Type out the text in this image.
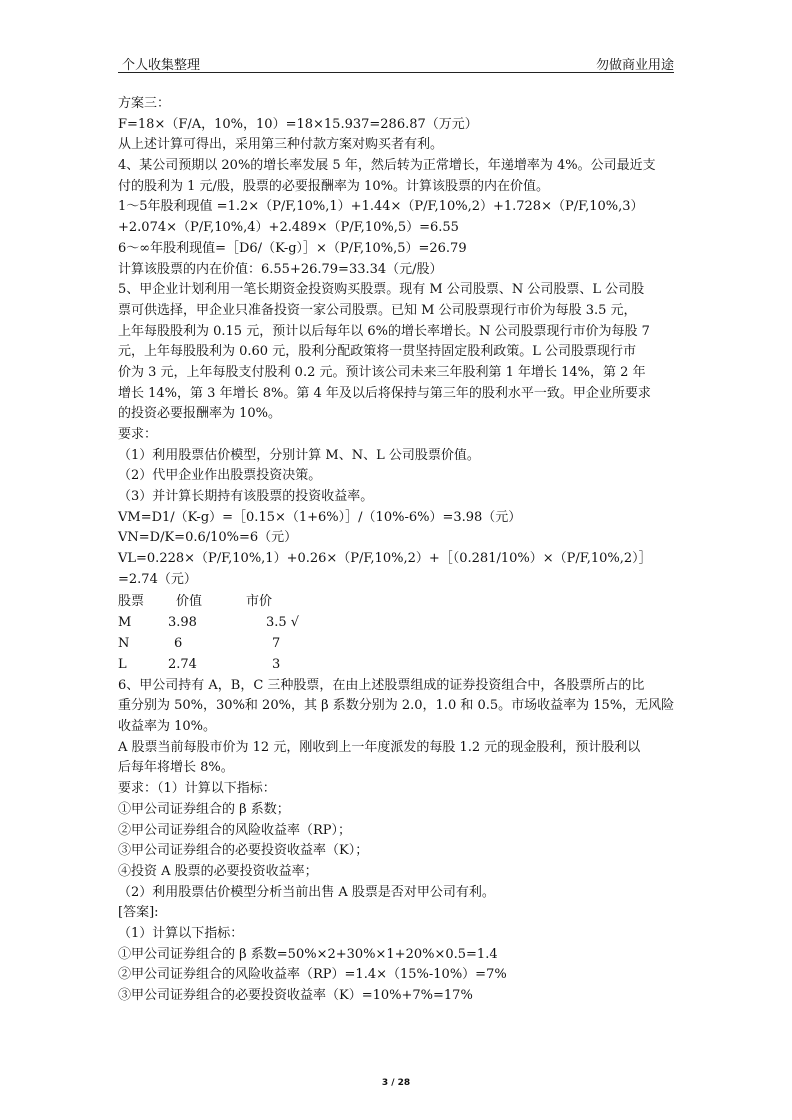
个人收集整理	勿做商业用途
方案三：
F=18×（F/A，10%，10）=18×15.937=286.87（万元）
从上述计算可得出，采用第三种付款方案对购买者有利。
4、某公司预期以 20%的增长率发展 5 年，然后转为正常增长，年递增率为 4%。公司最近支
付的股利为 1 元/股，股票的必要报酬率为 10%。计算该股票的内在价值。
1～5年股利现值 =1.2×（P/F,10%,1）+1.44×（P/F,10%,2）+1.728×（P/F,10%,3）
+2.074×（P/F,10%,4）+2.489×（P/F,10%,5）=6.55
6～∞年股利现值=［D6/（K-g）］×（P/F,10%,5）=26.79
计算该股票的内在价值：6.55+26.79=33.34（元/股）
5、甲企业计划利用一笔长期资金投资购买股票。现有 M 公司股票、N 公司股票、L 公司股
票可供选择，甲企业只准备投资一家公司股票。已知 M 公司股票现行市价为每股 3.5 元，
上年每股股利为 0.15 元，预计以后每年以 6%的增长率增长。N 公司股票现行市价为每股 7
元，上年每股股利为 0.60 元，股利分配政策将一贯坚持固定股利政策。L 公司股票现行市
价为 3 元，上年每股支付股利 0.2 元。预计该公司未来三年股利第 1 年增长 14%，第 2 年
增长 14%，第 3 年增长 8%。第 4 年及以后将保持与第三年的股利水平一致。甲企业所要求
的投资必要报酬率为 10%。
要求：
（1）利用股票估价模型，分别计算 M、N、L 公司股票价值。
（2）代甲企业作出股票投资决策。
（3）并计算长期持有该股票的投资收益率。
VM=D1/（K-g）=［0.15×（1+6%）］/（10%-6%）=3.98（元）
VN=D/K=0.6/10%=6（元）
VL=0.228×（P/F,10%,1）+0.26×（P/F,10%,2）+［（0.281/10%）×（P/F,10%,2）］
=2.74（元）
股票 价值	市价
M	3.98	3.5 √
N	6	7
L	2.74	3
6、甲公司持有 A，B，C 三种股票，在由上述股票组成的证券投资组合中，各股票所占的比
重分别为 50%，30%和 20%，其 β 系数分别为 2.0，1.0 和 0.5。市场收益率为 15%，无风险
收益率为 10%。
A 股票当前每股市价为 12 元，刚收到上一年度派发的每股 1.2 元的现金股利，预计股利以
后每年将增长 8%。
要求：（1）计算以下指标：
①甲公司证券组合的 β 系数；
②甲公司证券组合的风险收益率（RP）；
③甲公司证券组合的必要投资收益率（K）；
④投资 A 股票的必要投资收益率；
（2）利用股票估价模型分析当前出售 A 股票是否对甲公司有利。
[答案]:
（1）计算以下指标：
①甲公司证券组合的 β 系数=50%×2+30%×1+20%×0.5=1.4
②甲公司证券组合的风险收益率（RP）=1.4×（15%-10%）=7%
③甲公司证券组合的必要投资收益率（K）=10%+7%=17%
3 / 28
